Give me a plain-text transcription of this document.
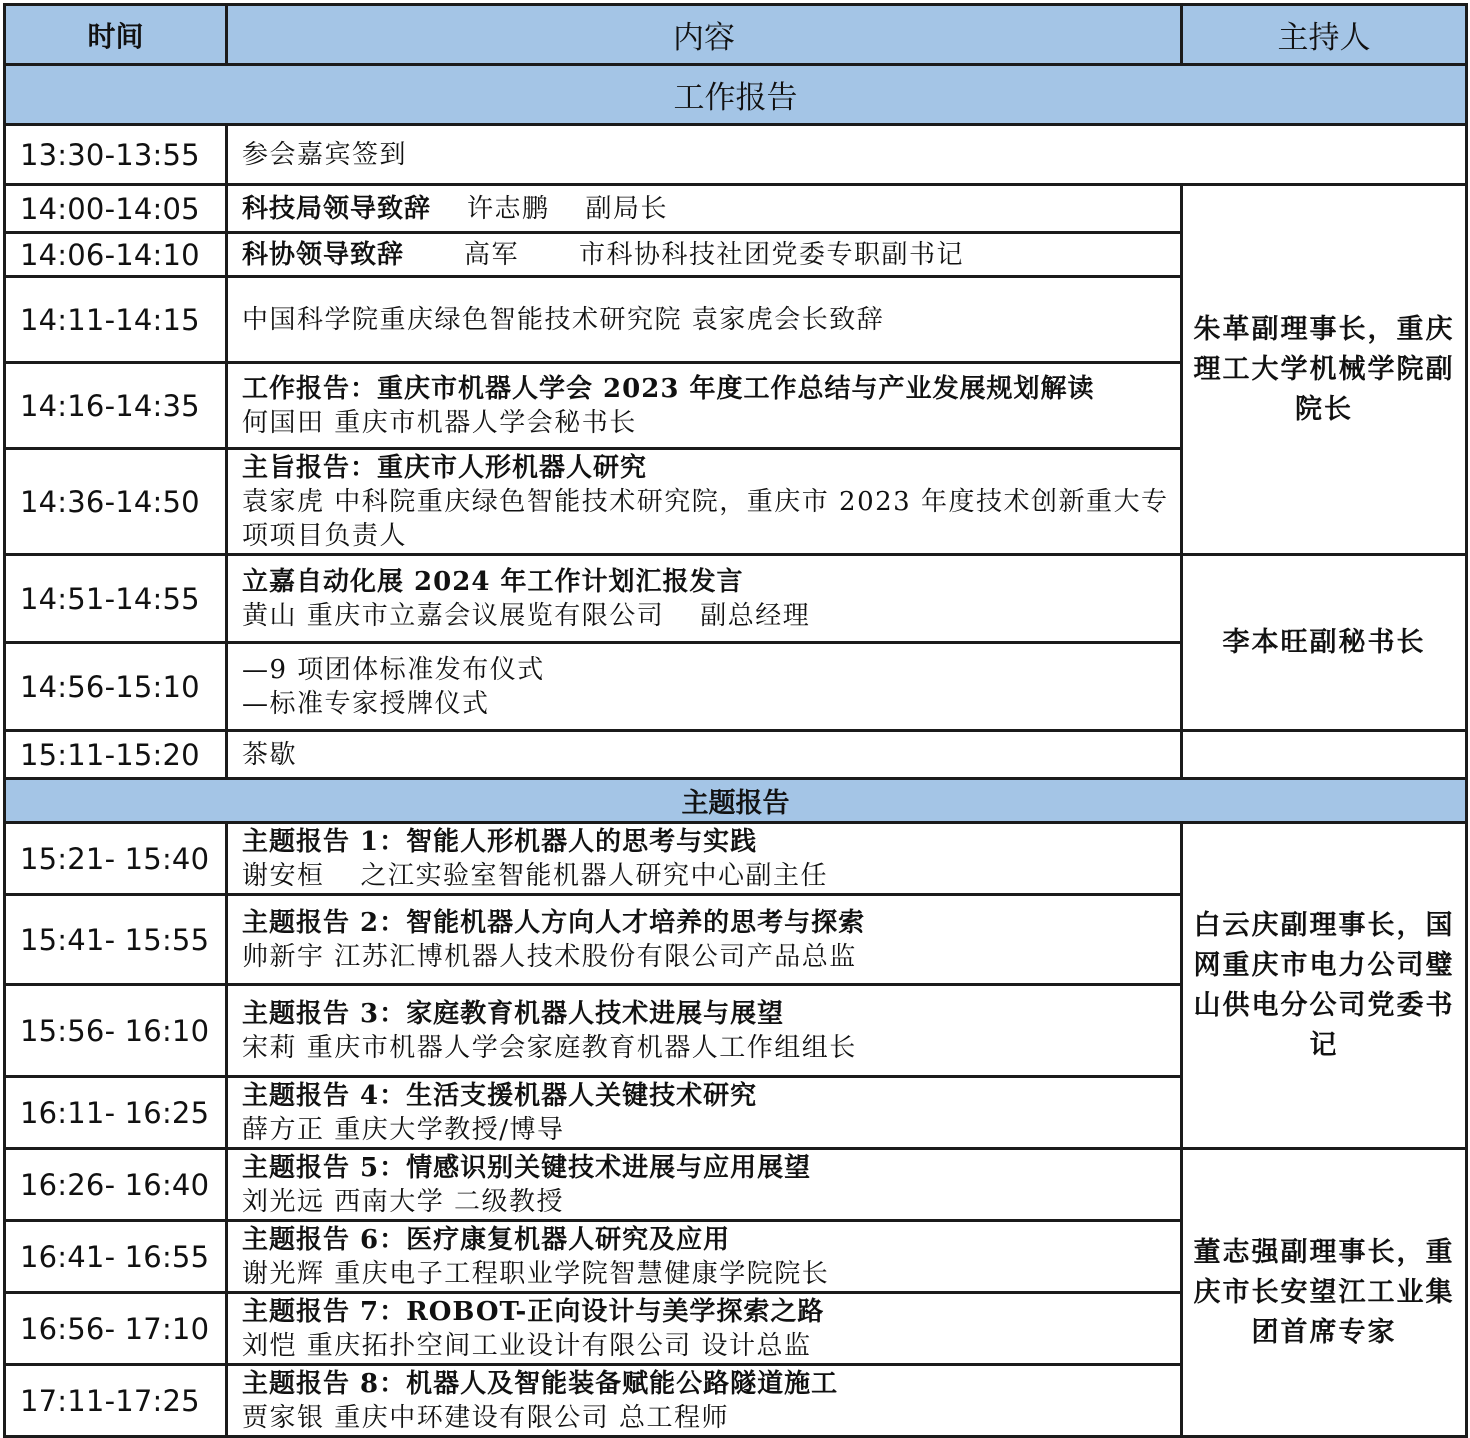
时间	内容	主持人
工作报告		
13:30-13:55	参会嘉宾签到	
14:00-14:05	科技局领导致辞 许志鹏 副局长	朱革副理事长，重庆理工大学机械学院副院长
14:06-14:10	科协领导致辞 高军 市科协科技社团党委专职副书记	
14:11-14:15	中国科学院重庆绿色智能技术研究院 袁家虎会长致辞	
14:16-14:35	工作报告：重庆市机器人学会 2023 年度工作总结与产业发展规划解读
何国田 重庆市机器人学会秘书长	

14:36-14:50	主旨报告：重庆市人形机器人研究
袁家虎 中科院重庆绿色智能技术研究院，重庆市 2023 年度技术创新重大专项项目负责人	

14:51-14:55	立嘉自动化展 2024 年工作计划汇报发言
黄山 重庆市立嘉会议展览有限公司 副总经理	李本旺副秘书长
14:56-15:10	—9 项团体标准发布仪式
—标准专家授牌仪式	

15:11-15:20	茶歇	
主题报告		
15:21- 15:40	主题报告 1：智能人形机器人的思考与实践
谢安桓 之江实验室智能机器人研究中心副主任	白云庆副理事长，国网重庆市电力公司璧山供电分公司党委书记
15:41- 15:55	主题报告 2：智能机器人方向人才培养的思考与探索
帅新宇 江苏汇博机器人技术股份有限公司产品总监	

15:56- 16:10	主题报告 3：家庭教育机器人技术进展与展望
宋莉 重庆市机器人学会家庭教育机器人工作组组长	

16:11- 16:25	主题报告 4：生活支援机器人关键技术研究
薛方正 重庆大学教授/博导	

16:26- 16:40	主题报告 5：情感识别关键技术进展与应用展望
刘光远 西南大学 二级教授	董志强副理事长，重庆市长安望江工业集团首席专家
16:41- 16:55	主题报告 6：医疗康复机器人研究及应用
谢光辉 重庆电子工程职业学院智慧健康学院院长	

16:56- 17:10	主题报告 7：ROBOT-正向设计与美学探索之路
刘恺 重庆拓扑空间工业设计有限公司 设计总监	

17:11-17:25	主题报告 8：机器人及智能装备赋能公路隧道施工
贾家银 重庆中环建设有限公司 总工程师	
